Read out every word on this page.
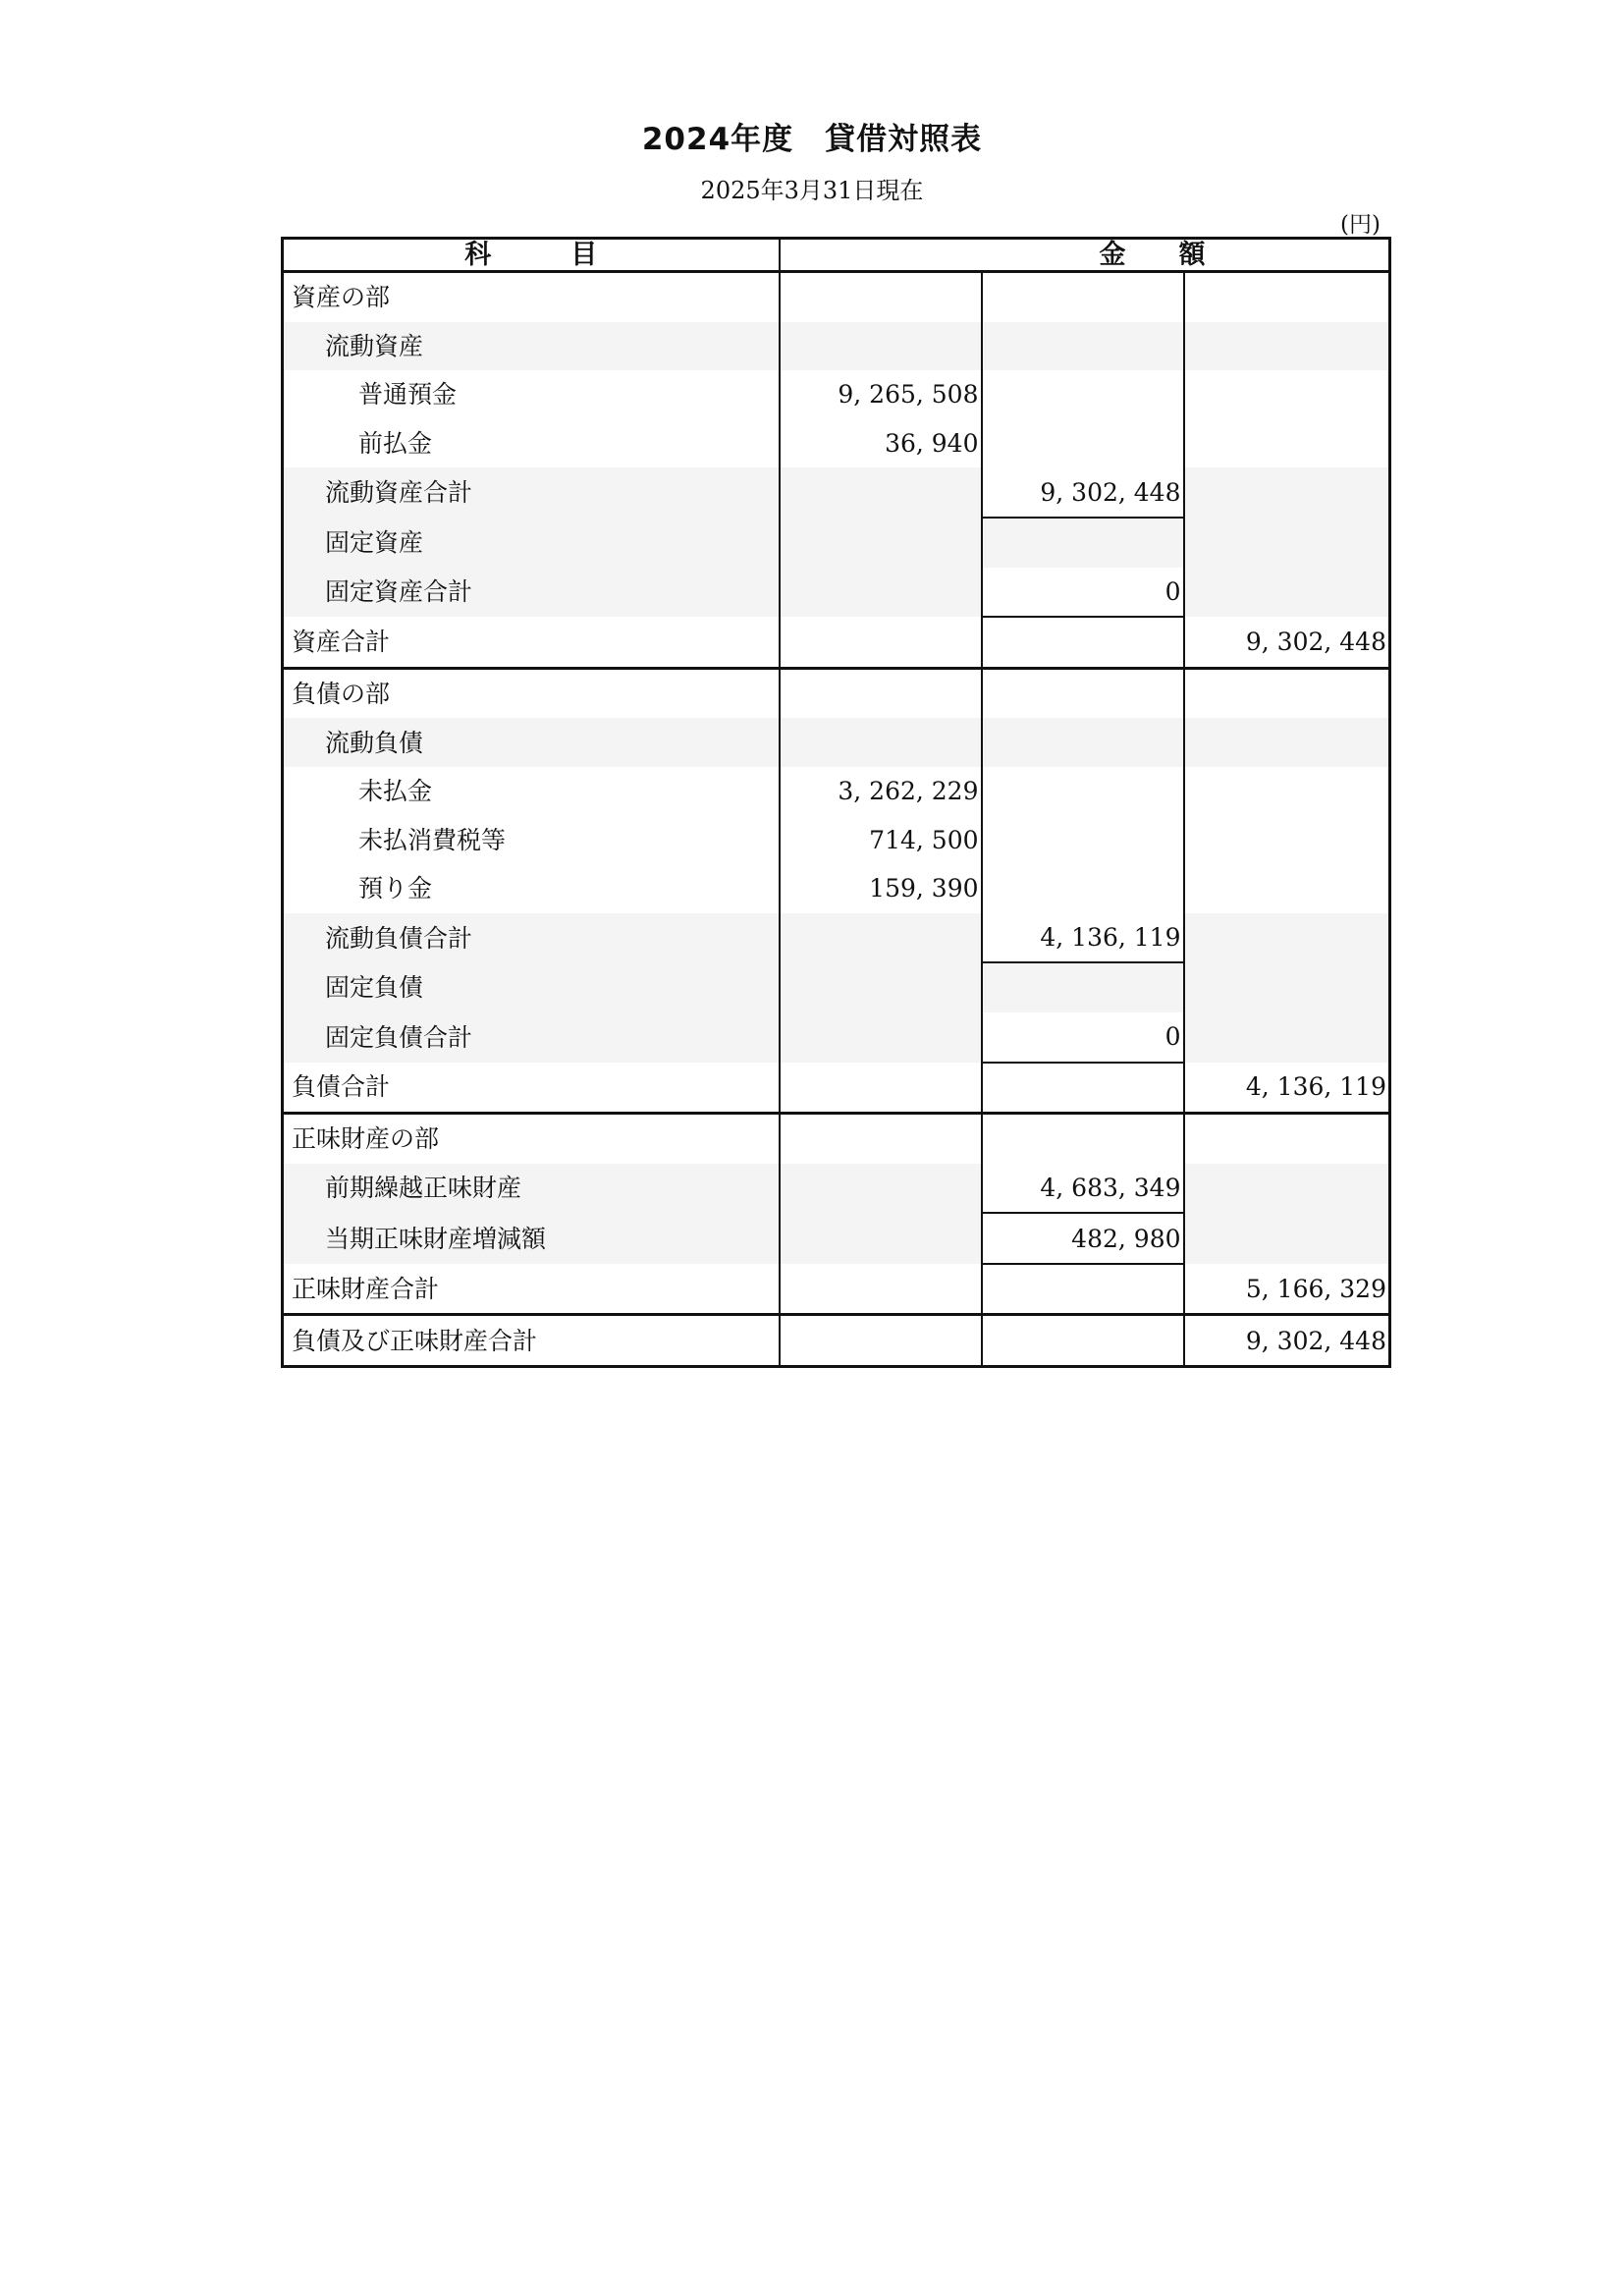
2024年度　貸借対照表
2025年3月31日現在
(円)
科　　　目		金　　額	
資産の部			
流動資産			
普通預金	9, 265, 508		
前払金	36, 940		
流動資産合計		9, 302, 448	
固定資産			
固定資産合計		0	
資産合計			9, 302, 448
負債の部			
流動負債			
未払金	3, 262, 229		
未払消費税等	714, 500		
預り金	159, 390		
流動負債合計		4, 136, 119	
固定負債			
固定負債合計		0	
負債合計			4, 136, 119
正味財産の部			
前期繰越正味財産		4, 683, 349	
当期正味財産増減額		482, 980	
正味財産合計			5, 166, 329
負債及び正味財産合計			9, 302, 448
